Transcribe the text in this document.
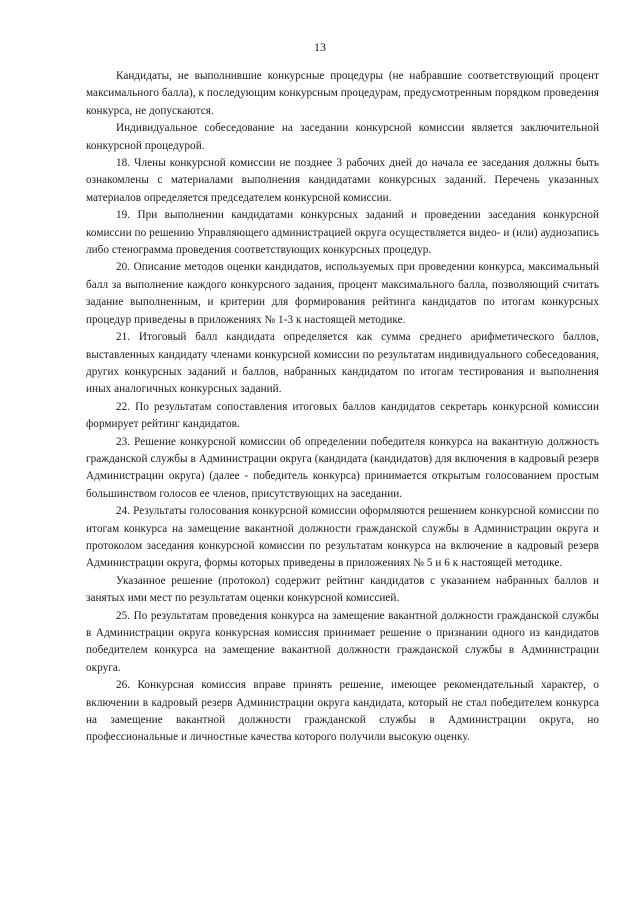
13

Кандидаты, не выполнившие конкурсные процедуры (не набравшие соответствующий процент максимального балла), к последующим конкурсным процедурам, предусмотренным порядком проведения конкурса, не допускаются.

Индивидуальное собеседование на заседании конкурсной комиссии является заключительной конкурсной процедурой.

18. Члены конкурсной комиссии не позднее 3 рабочих дней до начала ее заседания должны быть ознакомлены с материалами выполнения кандидатами конкурсных заданий. Перечень указанных материалов определяется председателем конкурсной комиссии.

19. При выполнении кандидатами конкурсных заданий и проведении заседания конкурсной комиссии по решению Управляющего администрацией округа осуществляется видео- и (или) аудиозапись либо стенограмма проведения соответствующих конкурсных процедур.

20. Описание методов оценки кандидатов, используемых при проведении конкурса, максимальный балл за выполнение каждого конкурсного задания, процент максимального балла, позволяющий считать задание выполненным, и критерии для формирования рейтинга кандидатов по итогам конкурсных процедур приведены в приложениях № 1-3 к настоящей методике.

21. Итоговый балл кандидата определяется как сумма среднего арифметического баллов, выставленных кандидату членами конкурсной комиссии по результатам индивидуального собеседования, других конкурсных заданий и баллов, набранных кандидатом по итогам тестирования и выполнения иных аналогичных конкурсных заданий.

22. По результатам сопоставления итоговых баллов кандидатов секретарь конкурсной комиссии формирует рейтинг кандидатов.

23. Решение конкурсной комиссии об определении победителя конкурса на вакантную должность гражданской службы в Администрации округа (кандидата (кандидатов) для включения в кадровый резерв Администрации округа) (далее - победитель конкурса) принимается открытым голосованием простым большинством голосов ее членов, присутствующих на заседании.

24. Результаты голосования конкурсной комиссии оформляются решением конкурсной комиссии по итогам конкурса на замещение вакантной должности гражданской службы в Администрации округа и протоколом заседания конкурсной комиссии по результатам конкурса на включение в кадровый резерв Администрации округа, формы которых приведены в приложениях № 5 и 6 к настоящей методике.

Указанное решение (протокол) содержит рейтинг кандидатов с указанием набранных баллов и занятых ими мест по результатам оценки конкурсной комиссией.

25. По результатам проведения конкурса на замещение вакантной должности гражданской службы в Администрации округа конкурсная комиссия принимает решение о признании одного из кандидатов победителем конкурса на замещение вакантной должности гражданской службы в Администрации округа.

26. Конкурсная комиссия вправе принять решение, имеющее рекомендательный характер, о включении в кадровый резерв Администрации округа кандидата, который не стал победителем конкурса на замещение вакантной должности гражданской службы в Администрации округа, но профессиональные и личностные качества которого получили высокую оценку.
